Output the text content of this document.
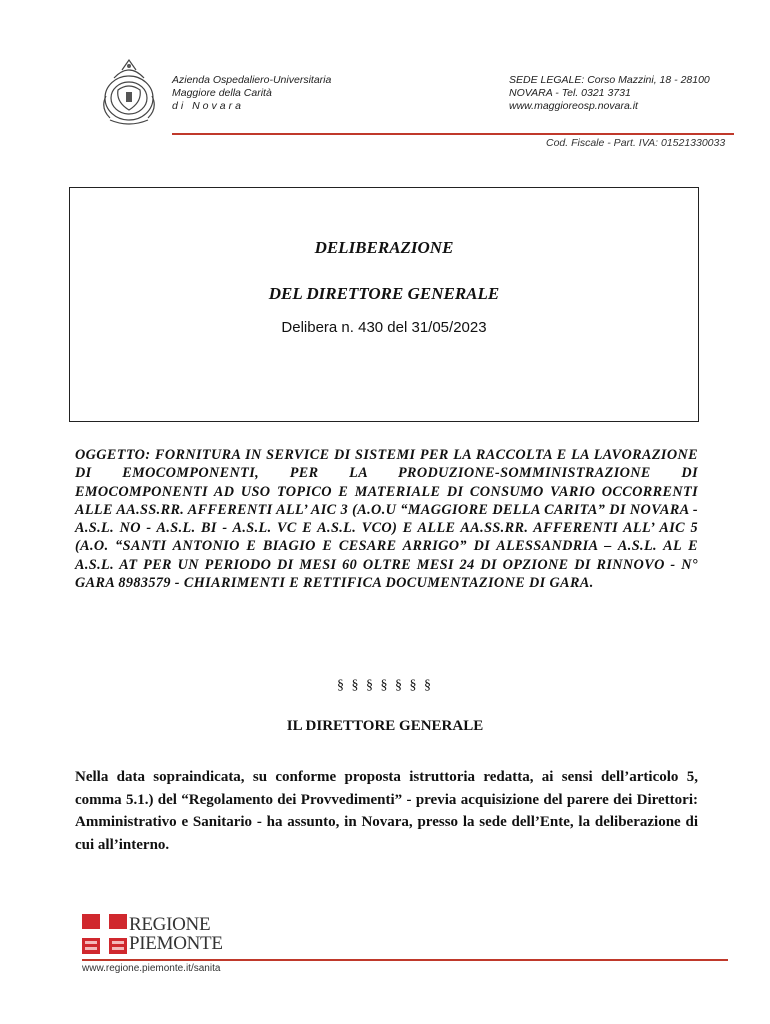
Azienda Ospedaliero-Universitaria
Maggiore della Carità
di Novara
SEDE LEGALE: Corso Mazzini, 18 - 28100
NOVARA - Tel. 0321 3731
www.maggioreosp.novara.it
Cod. Fiscale - Part. IVA: 01521330033
DELIBERAZIONE
DEL DIRETTORE GENERALE
Delibera n. 430 del 31/05/2023
OGGETTO: FORNITURA IN SERVICE DI SISTEMI PER LA RACCOLTA E LA LAVORAZIONE DI EMOCOMPONENTI, PER LA PRODUZIONE-SOMMINISTRAZIONE DI EMOCOMPONENTI AD USO TOPICO E MATERIALE DI CONSUMO VARIO OCCORRENTI ALLE AA.SS.RR. AFFERENTI ALL’ AIC 3 (A.O.U “MAGGIORE DELLA CARITA” DI NOVARA - A.S.L. NO - A.S.L. BI - A.S.L. VC E A.S.L. VCO) E ALLE AA.SS.RR. AFFERENTI ALL’ AIC 5 (A.O. “SANTI ANTONIO E BIAGIO E CESARE ARRIGO” DI ALESSANDRIA – A.S.L. AL E A.S.L. AT PER UN PERIODO DI MESI 60 OLTRE MESI 24 DI OPZIONE DI RINNOVO - N° GARA 8983579 - CHIARIMENTI E RETTIFICA DOCUMENTAZIONE DI GARA.
§ § § § § § §
IL DIRETTORE GENERALE
Nella data sopraindicata, su conforme proposta istruttoria redatta, ai sensi dell’articolo 5, comma 5.1.) del “Regolamento dei Provvedimenti” - previa acquisizione del parere dei Direttori: Amministrativo e Sanitario - ha assunto, in Novara, presso la sede dell’Ente, la deliberazione di cui all’interno.
REGIONE
PIEMONTE
www.regione.piemonte.it/sanita
